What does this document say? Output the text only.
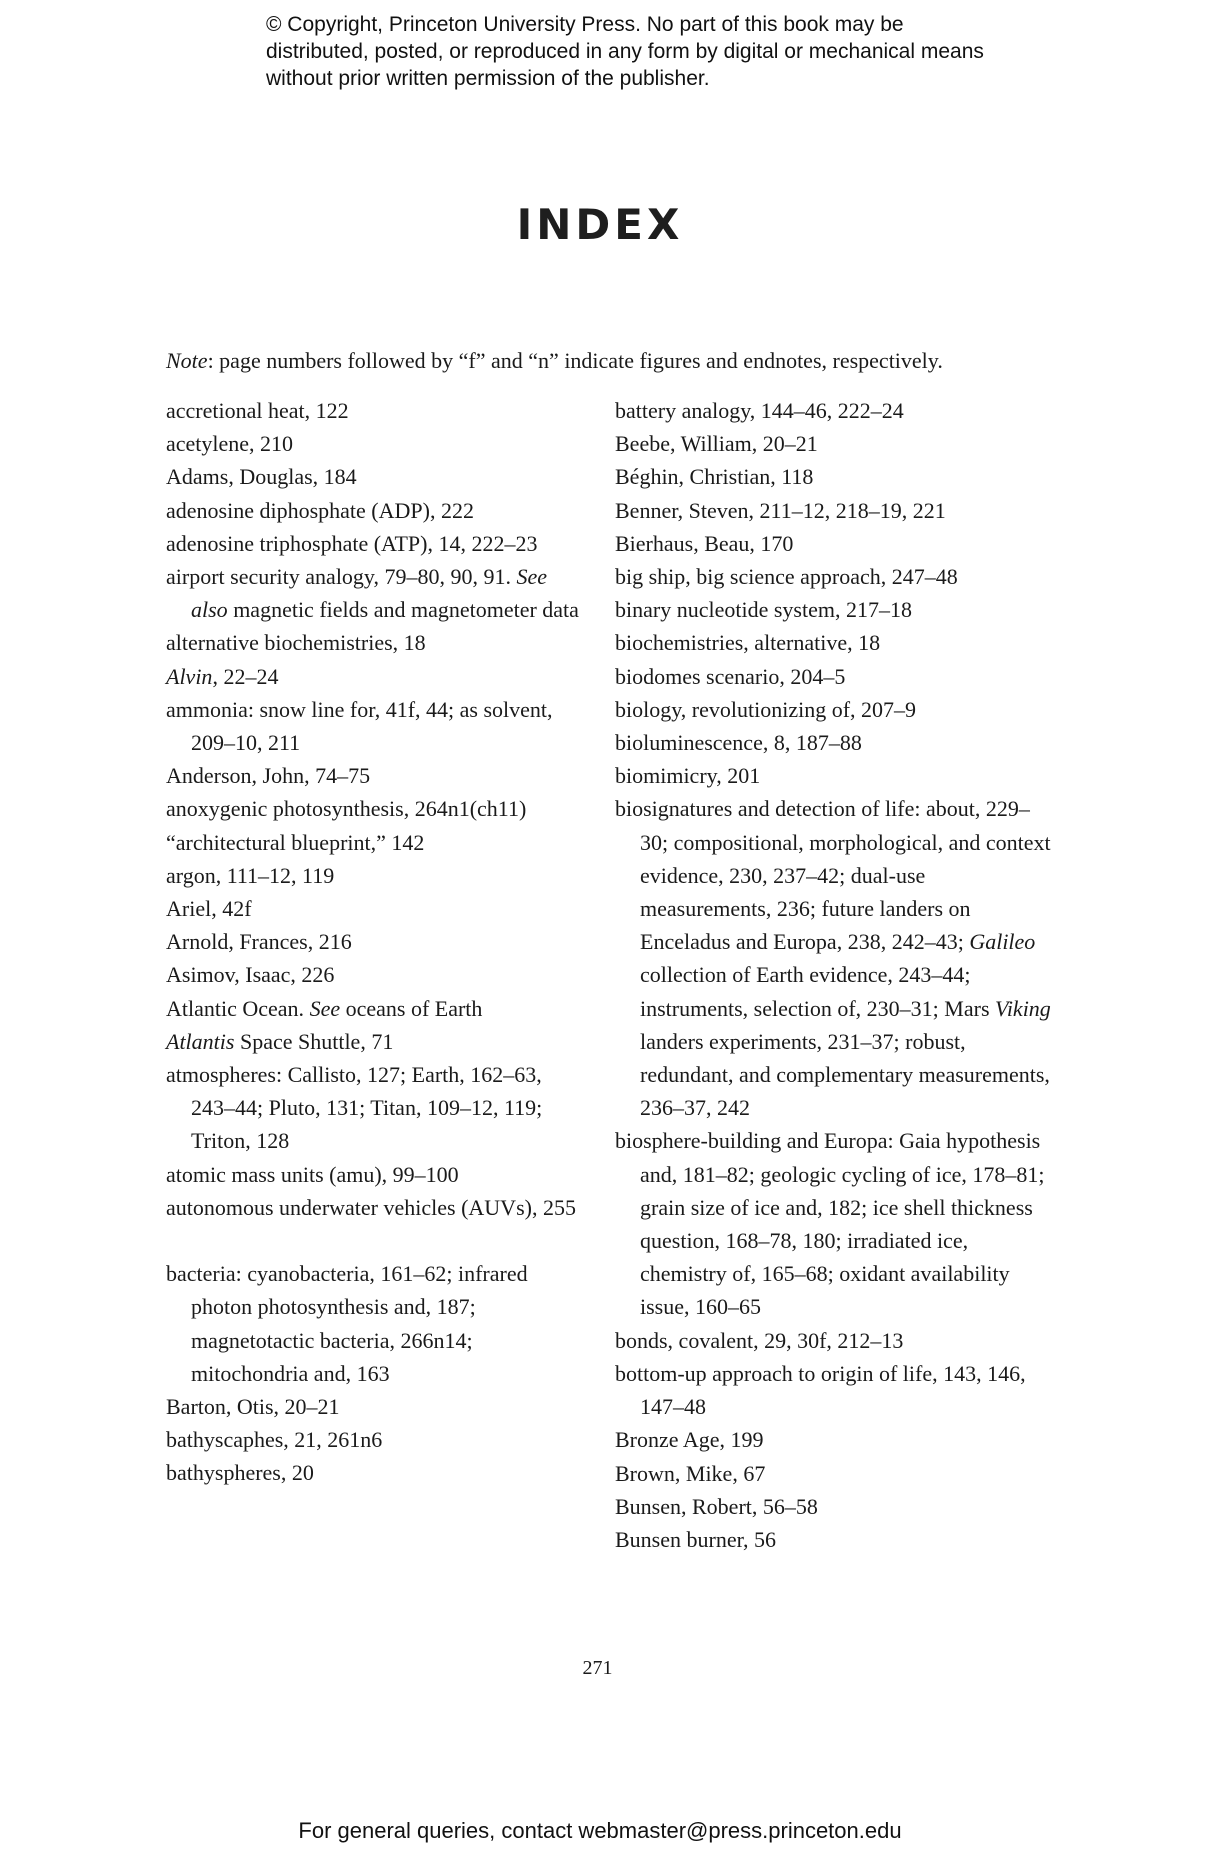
© Copyright, Princeton University Press. No part of this book may be distributed, posted, or reproduced in any form by digital or mechanical means without prior written permission of the publisher.
INDEX
Note: page numbers followed by “f” and “n” indicate figures and endnotes, respectively.
accretional heat, 122
acetylene, 210
Adams, Douglas, 184
adenosine diphosphate (ADP), 222
adenosine triphosphate (ATP), 14, 222–23
airport security analogy, 79–80, 90, 91. See also magnetic fields and magnetometer data
alternative biochemistries, 18
Alvin, 22–24
ammonia: snow line for, 41f, 44; as solvent, 209–10, 211
Anderson, John, 74–75
anoxygenic photosynthesis, 264n1(ch11)
“architectural blueprint,” 142
argon, 111–12, 119
Ariel, 42f
Arnold, Frances, 216
Asimov, Isaac, 226
Atlantic Ocean. See oceans of Earth
Atlantis Space Shuttle, 71
atmospheres: Callisto, 127; Earth, 162–63, 243–44; Pluto, 131; Titan, 109–12, 119; Triton, 128
atomic mass units (amu), 99–100
autonomous underwater vehicles (AUVs), 255
bacteria: cyanobacteria, 161–62; infrared photon photosynthesis and, 187; magnetotactic bacteria, 266n14; mitochondria and, 163
Barton, Otis, 20–21
bathyscaphes, 21, 261n6
bathyspheres, 20
battery analogy, 144–46, 222–24
Beebe, William, 20–21
Béghin, Christian, 118
Benner, Steven, 211–12, 218–19, 221
Bierhaus, Beau, 170
big ship, big science approach, 247–48
binary nucleotide system, 217–18
biochemistries, alternative, 18
biodomes scenario, 204–5
biology, revolutionizing of, 207–9
bioluminescence, 8, 187–88
biomimicry, 201
biosignatures and detection of life: about, 229–30; compositional, morphological, and context evidence, 230, 237–42; dual-use measurements, 236; future landers on Enceladus and Europa, 238, 242–43; Galileo collection of Earth evidence, 243–44; instruments, selection of, 230–31; Mars Viking landers experiments, 231–37; robust, redundant, and complementary measurements, 236–37, 242
biosphere-building and Europa: Gaia hypothesis and, 181–82; geologic cycling of ice, 178–81; grain size of ice and, 182; ice shell thickness question, 168–78, 180; irradiated ice, chemistry of, 165–68; oxidant availability issue, 160–65
bonds, covalent, 29, 30f, 212–13
bottom-up approach to origin of life, 143, 146, 147–48
Bronze Age, 199
Brown, Mike, 67
Bunsen, Robert, 56–58
Bunsen burner, 56
271
For general queries, contact webmaster@press.princeton.edu
